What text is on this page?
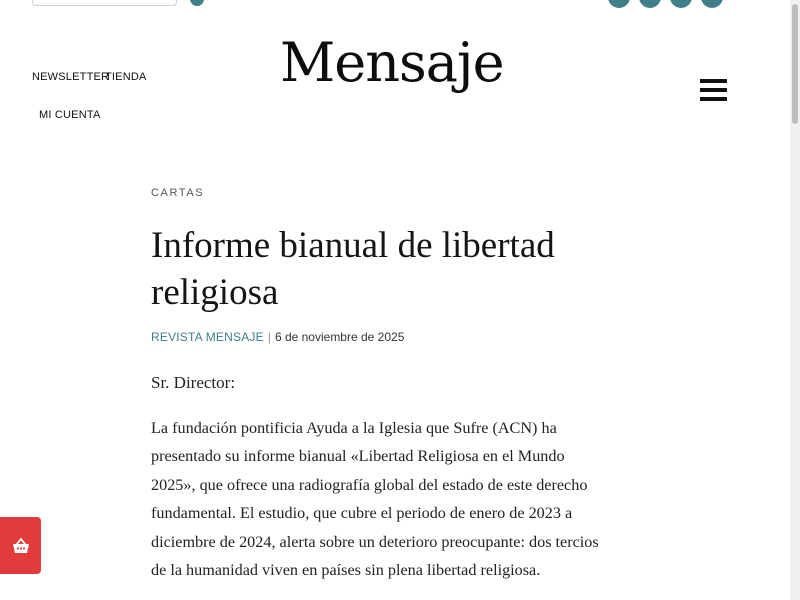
NEWSLETTER
TIENDA
MI CUENTA
Mensaje
CARTAS
Informe bianual de libertad religiosa
REVISTA MENSAJE | 6 de noviembre de 2025

Sr. Director:

La fundación pontificia Ayuda a la Iglesia que Sufre (ACN) ha presentado su informe bianual «Libertad Religiosa en el Mundo 2025», que ofrece una radiografía global del estado de este derecho fundamental. El estudio, que cubre el periodo de enero de 2023 a diciembre de 2024, alerta sobre un deterioro preocupante: dos tercios de la humanidad viven en países sin plena libertad religiosa.
